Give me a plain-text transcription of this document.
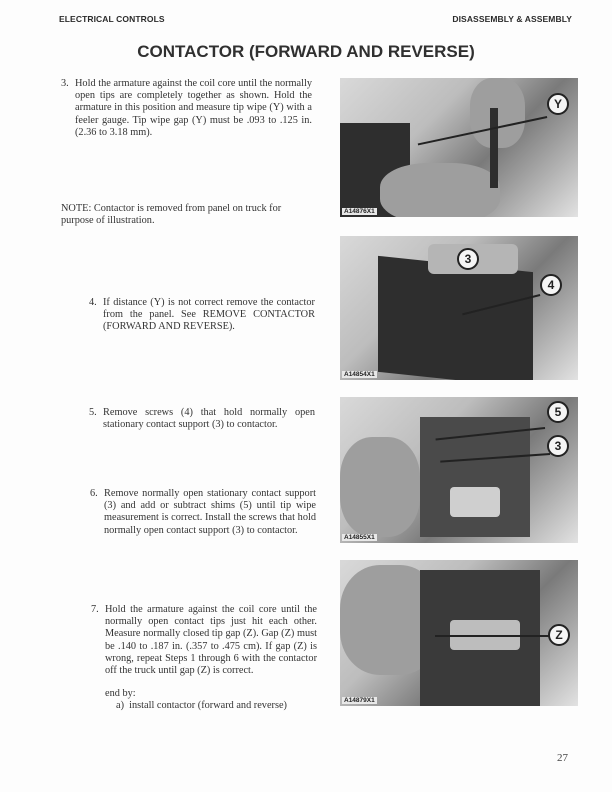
ELECTRICAL CONTROLS	DISASSEMBLY & ASSEMBLY
CONTACTOR (FORWARD AND REVERSE)
3. Hold the armature against the coil core until the normally open tips are completely together as shown. Hold the armature in this position and measure tip wipe (Y) with a feeler gauge. Tip wipe gap (Y) must be .093 to .125 in. (2.36 to 3.18 mm).
NOTE: Contactor is removed from panel on truck for purpose of illustration.
4. If distance (Y) is not correct remove the contactor from the panel. See REMOVE CONTACTOR (FORWARD AND REVERSE).
5. Remove screws (4) that hold normally open stationary contact support (3) to contactor.
6. Remove normally open stationary contact support (3) and add or subtract shims (5) until tip wipe measurement is correct. Install the screws that hold normally open contact support (3) to contactor.
7. Hold the armature against the coil core until the normally open contact tips just hit each other. Measure normally closed tip gap (Z). Gap (Z) must be .140 to .187 in. (.357 to .475 cm). If gap (Z) is wrong, repeat Steps 1 through 6 with the contactor off the truck until gap (Z) is correct.
end by:
a)  install contactor (forward and reverse)
Y
A14876X1
3
4
A14854X1
5
3
A14855X1
Z
A14879X1
27
